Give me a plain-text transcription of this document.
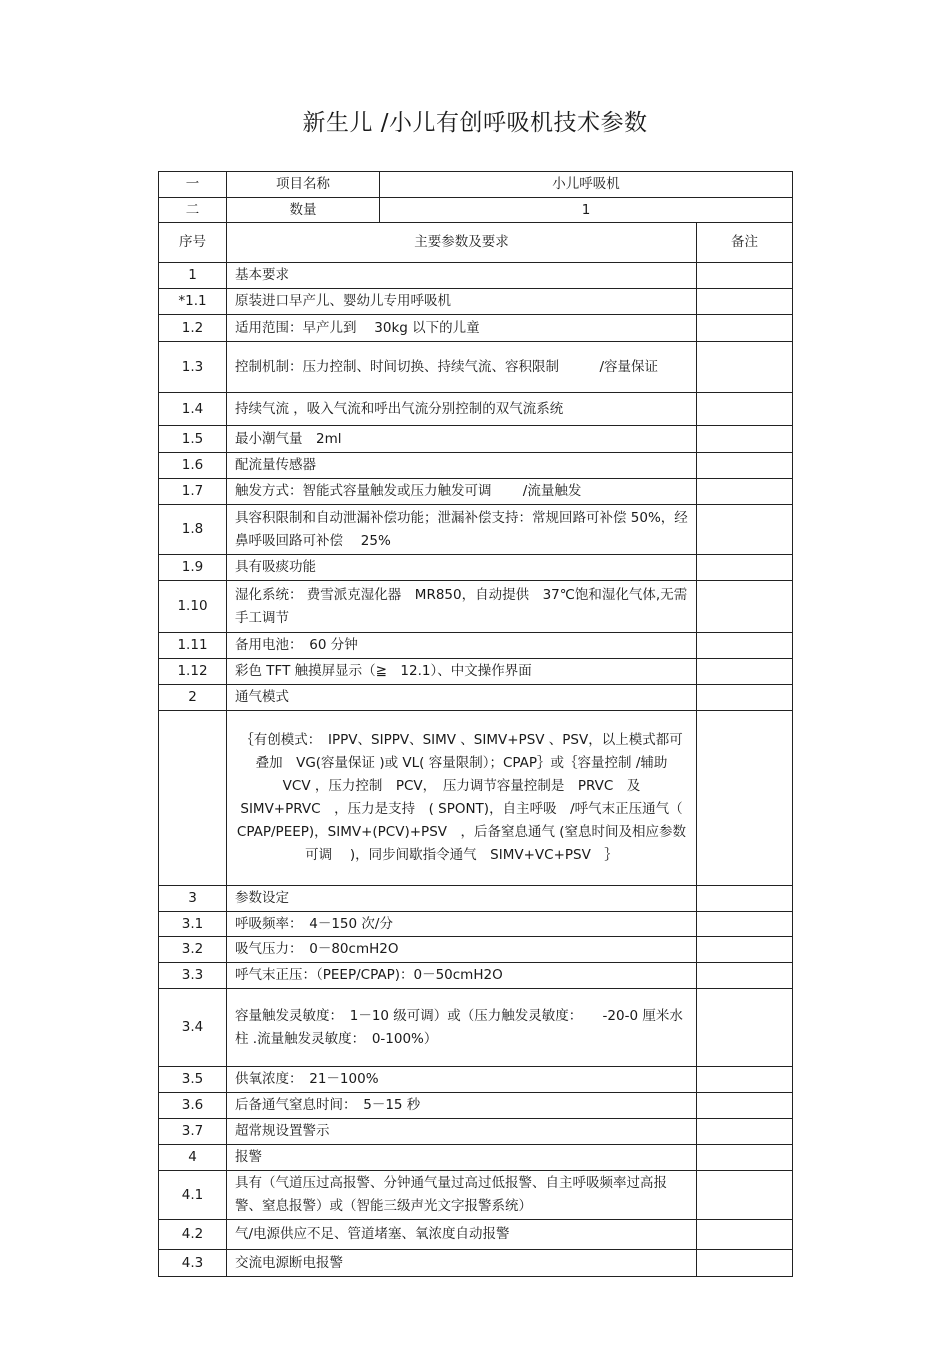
新生儿 /小儿有创呼吸机技术参数
一	项目名称	小儿呼吸机	
二	数量	1	
序号	主要参数及要求		备注
1	基本要求		
*1.1	原装进口早产儿、婴幼儿专用呼吸机		
1.2	适用范围：早产儿到　 30kg 以下的儿童		
1.3	控制机制：压力控制、时间切换、持续气流、容积限制　　　/容量保证		
1.4	持续气流 ，吸入气流和呼出气流分别控制的双气流系统		
1.5	最小潮气量　2ml		
1.6	配流量传感器		
1.7	触发方式：智能式容量触发或压力触发可调　　 /流量触发		
1.8	具容积限制和自动泄漏补偿功能；泄漏补偿支持：常规回路可补偿 50%，经鼻呼吸回路可补偿　 25%		
1.9	具有吸痰功能		
1.10	湿化系统： 费雪派克湿化器　MR850，自动提供　37℃饱和湿化气体,无需手工调节		
1.11	备用电池：　60 分钟		
1.12	彩色 TFT 触摸屏显示（≧　12.1）、中文操作界面		
2	通气模式		
	｛有创模式：　IPPV、SIPPV、SIMV 、SIMV+PSV 、PSV，以上模式都可叠加　VG(容量保证 )或 VL( 容量限制）；CPAP｝或｛容量控制 /辅助　 VCV ，压力控制　PCV，　压力调节容量控制是　PRVC　及 SIMV+PRVC　，压力是支持　( SPONT)，自主呼吸　/呼气末正压通气（　CPAP/PEEP)，SIMV+(PCV)+PSV　，后备窒息通气 (窒息时间及相应参数可调　 )，同步间歇指令通气　SIMV+VC+PSV　｝		
3	参数设定		
3.1	呼吸频率：　4－150 次/分		
3.2	吸气压力：　0－80cmH2O		
3.3	呼气末正压：（PEEP/CPAP)：0－50cmH2O		
3.4	容量触发灵敏度：　1－10 级可调）或（压力触发灵敏度：　　-20-0 厘米水柱 .流量触发灵敏度：　0-100%）		
3.5	供氧浓度：　21－100%		
3.6	后备通气窒息时间：　5－15 秒		
3.7	超常规设置警示		
4	报警		
4.1	具有（气道压过高报警、分钟通气量过高过低报警、自主呼吸频率过高报警、窒息报警）或（智能三级声光文字报警系统）		
4.2	气/电源供应不足、管道堵塞、氧浓度自动报警		
4.3	交流电源断电报警		
